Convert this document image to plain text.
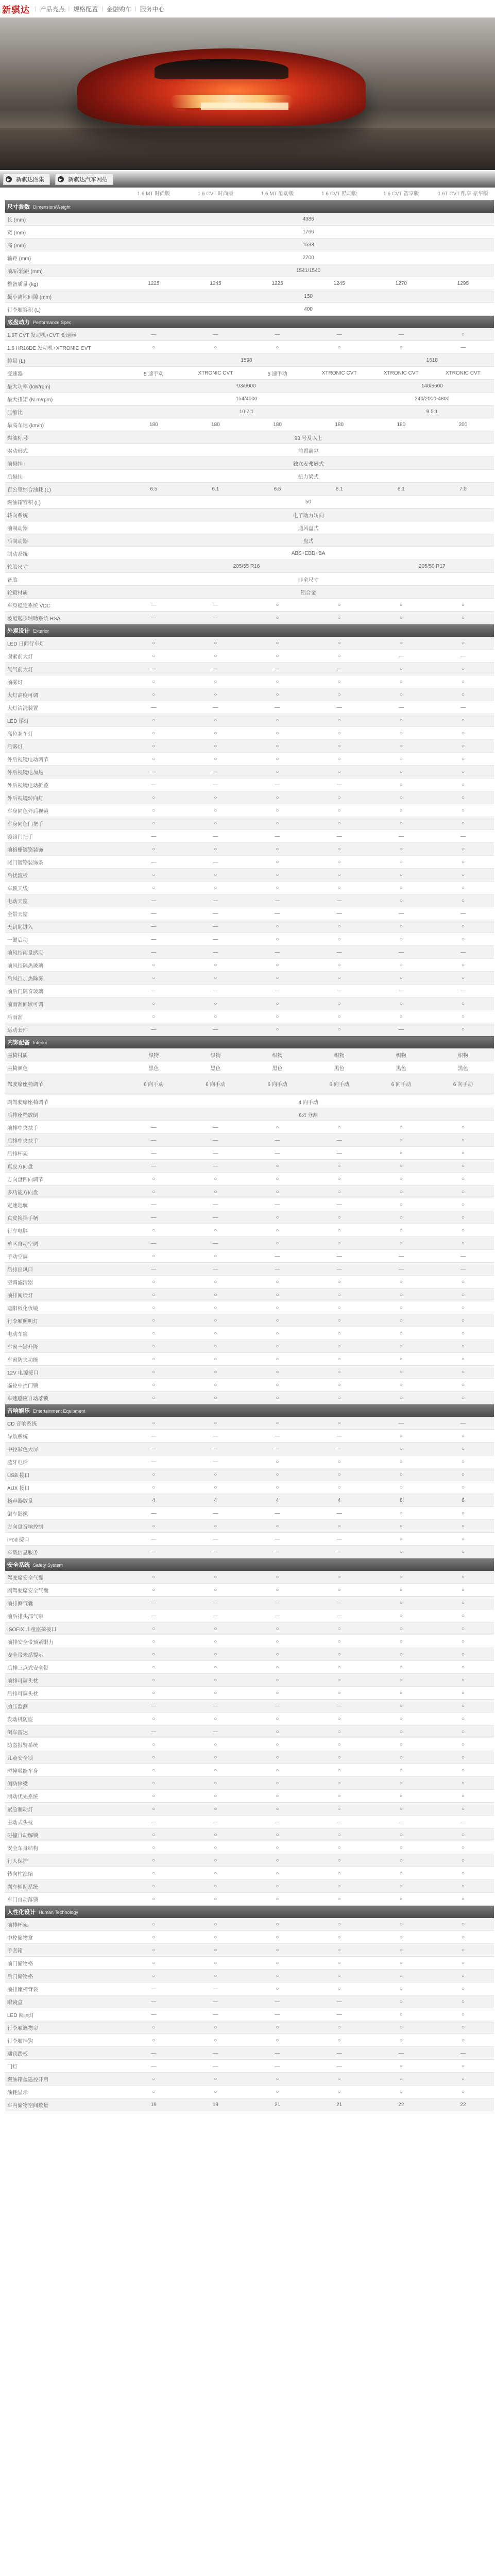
新骐达 | 产品亮点 | 规格配置 | 金融购车 | 服务中心
▶ 新骐达图集	▶ 新骐达汽车网站
	1.6 MT 时尚版	1.6 CVT 时尚版	1.6 MT 酷动版	1.6 CVT 酷动版	1.6 CVT 智享版	1.6T CVT 酷享 豪华版
尺寸参数 Dimension/Weight						
长 (mm)	4386					
宽 (mm)	1766					
高 (mm)	1533					
轴距 (mm)	2700					
前/后轮距 (mm)	1541/1540					
整备质量 (kg)	1225	1245	1225	1245	1270	1295
最小离地间隙 (mm)	150					
行李厢容积 (L)	400					
底盘动力 Performance Spec						
1.6T CVT 发动机+CVT 变速器	—	—	—	—	—	○
1.6 HR16DE 发动机+XTRONIC CVT	○	○	○	○	○	—
排量 (L)	1598				1618	
变速器	5 速手动	XTRONIC CVT	5 速手动	XTRONIC CVT	XTRONIC CVT	XTRONIC CVT
最大功率 (kW/rpm)	93/6000				140/5600	
最大扭矩 (N·m/rpm)	154/4000				240/2000-4800	
压缩比	10.7:1				9.5:1	
最高车速 (km/h)	180	180	180	180	180	200
燃油标号	93 号及以上					
驱动形式	前置前驱					
前悬挂	独立麦弗逊式					
后悬挂	扭力梁式					
百公里综合油耗 (L)	6.5	6.1	6.5	6.1	6.1	7.0
燃油箱容积 (L)	50					
转向系统	电子助力转向					
前制动器	通风盘式					
后制动器	盘式					
制动系统	ABS+EBD+BA					
轮胎尺寸	205/55 R16				205/50 R17	
备胎	非全尺寸					
轮毂材质	铝合金					
车身稳定系统 VDC	—	—	○	○	○	○
坡道起步辅助系统 HSA	—	—	○	○	○	○
外观设计 Exterior						
LED 日间行车灯	○	○	○	○	○	○
卤素前大灯	○	○	○	○	—	—
氙气前大灯	—	—	—	—	○	○
前雾灯	○	○	○	○	○	○
大灯高度可调	○	○	○	○	○	○
大灯清洗装置	—	—	—	—	—	—
LED 尾灯	○	○	○	○	○	○
高位刹车灯	○	○	○	○	○	○
后雾灯	○	○	○	○	○	○
外后视镜电动调节	○	○	○	○	○	○
外后视镜电加热	—	—	○	○	○	○
外后视镜电动折叠	—	—	—	—	○	○
外后视镜转向灯	○	○	○	○	○	○
车身同色外后视镜	○	○	○	○	○	○
车身同色门把手	○	○	○	○	○	○
镀铬门把手	—	—	—	—	—	—
前格栅镀铬装饰	○	○	○	○	○	○
尾门镀铬装饰条	—	—	○	○	○	○
后扰流板	○	○	○	○	○	○
车顶天线	○	○	○	○	○	○
电动天窗	—	—	—	—	○	○
全景天窗	—	—	—	—	—	—
无钥匙进入	—	—	○	○	○	○
一键启动	—	—	○	○	○	○
前风挡雨量感应	—	—	—	—	—	—
前风挡隔热玻璃	○	○	○	○	○	○
后风挡加热除雾	○	○	○	○	○	○
前后门隔音玻璃	—	—	—	—	—	—
前雨刮间歇可调	○	○	○	○	○	○
后雨刮	○	○	○	○	○	○
运动套件	—	—	○	○	—	○
内饰配备 Interior						
座椅材质	织物	织物	织物	织物	织物	织物
座椅颜色	黑色	黑色	黑色	黑色	黑色	黑色
驾驶席座椅调节	6 向手动	6 向手动	6 向手动	6 向手动	6 向手动	6 向手动
副驾驶席座椅调节	4 向手动					
后排座椅放倒	6:4 分割					
前排中央扶手	—	—	○	○	○	○
后排中央扶手	—	—	—	—	○	○
后排杯架	—	—	—	—	○	○
真皮方向盘	—	—	○	○	○	○
方向盘四向调节	○	○	○	○	○	○
多功能方向盘	○	○	○	○	○	○
定速巡航	—	—	—	—	○	○
真皮换挡手柄	—	—	○	○	○	○
行车电脑	○	○	○	○	○	○
单区自动空调	—	—	○	○	○	○
手动空调	○	○	—	—	—	—
后排出风口	—	—	—	—	—	—
空调滤清器	○	○	○	○	○	○
前排阅读灯	○	○	○	○	○	○
遮阳板化妆镜	○	○	○	○	○	○
行李厢照明灯	○	○	○	○	○	○
电动车窗	○	○	○	○	○	○
车窗一键升降	○	○	○	○	○	○
车窗防夹功能	○	○	○	○	○	○
12V 电源接口	○	○	○	○	○	○
遥控中控门锁	○	○	○	○	○	○
车速感应自动落锁	○	○	○	○	○	○
音响娱乐 Entertainment Equipment						
CD 音响系统	○	○	○	○	—	—
导航系统	—	—	—	—	○	○
中控彩色大屏	—	—	—	—	○	○
蓝牙电话	—	—	○	○	○	○
USB 接口	○	○	○	○	○	○
AUX 接口	○	○	○	○	○	○
扬声器数量	4	4	4	4	6	6
倒车影像	—	—	—	—	○	○
方向盘音响控制	○	○	○	○	○	○
iPod 接口	—	—	—	—	○	○
车载信息服务	—	—	—	—	○	○
安全系统 Safety System						
驾驶席安全气囊	○	○	○	○	○	○
副驾驶席安全气囊	○	○	○	○	○	○
前排侧气囊	—	—	—	—	○	○
前后排头部气帘	—	—	—	—	○	○
ISOFIX 儿童座椅接口	○	○	○	○	○	○
前排安全带预紧限力	○	○	○	○	○	○
安全带未系提示	○	○	○	○	○	○
后排三点式安全带	○	○	○	○	○	○
前排可调头枕	○	○	○	○	○	○
后排可调头枕	○	○	○	○	○	○
胎压监测	—	—	—	—	○	○
发动机防盗	○	○	○	○	○	○
倒车雷达	—	—	○	○	○	○
防盗报警系统	○	○	○	○	○	○
儿童安全锁	○	○	○	○	○	○
碰撞吸能车身	○	○	○	○	○	○
侧防撞梁	○	○	○	○	○	○
制动优先系统	○	○	○	○	○	○
紧急制动灯	○	○	○	○	○	○
主动式头枕	—	—	—	—	—	—
碰撞自动解锁	○	○	○	○	○	○
安全车身结构	○	○	○	○	○	○
行人保护	○	○	○	○	○	○
转向柱溃缩	○	○	○	○	○	○
刹车辅助系统	○	○	○	○	○	○
车门自动落锁	○	○	○	○	○	○
人性化设计 Human Technology						
前排杯架	○	○	○	○	○	○
中控储物盒	○	○	○	○	○	○
手套箱	○	○	○	○	○	○
前门储物格	○	○	○	○	○	○
后门储物格	○	○	○	○	○	○
前排座椅背袋	—	—	○	○	○	○
眼镜盒	—	—	—	—	○	○
LED 阅读灯	—	—	—	—	○	○
行李厢遮物帘	○	○	○	○	○	○
行李厢挂钩	○	○	○	○	○	○
迎宾踏板	—	—	—	—	—	—
门灯	—	—	—	—	○	○
燃油箱盖遥控开启	○	○	○	○	○	○
油耗显示	○	○	○	○	○	○
车内储物空间数量	19	19	21	21	22	22
